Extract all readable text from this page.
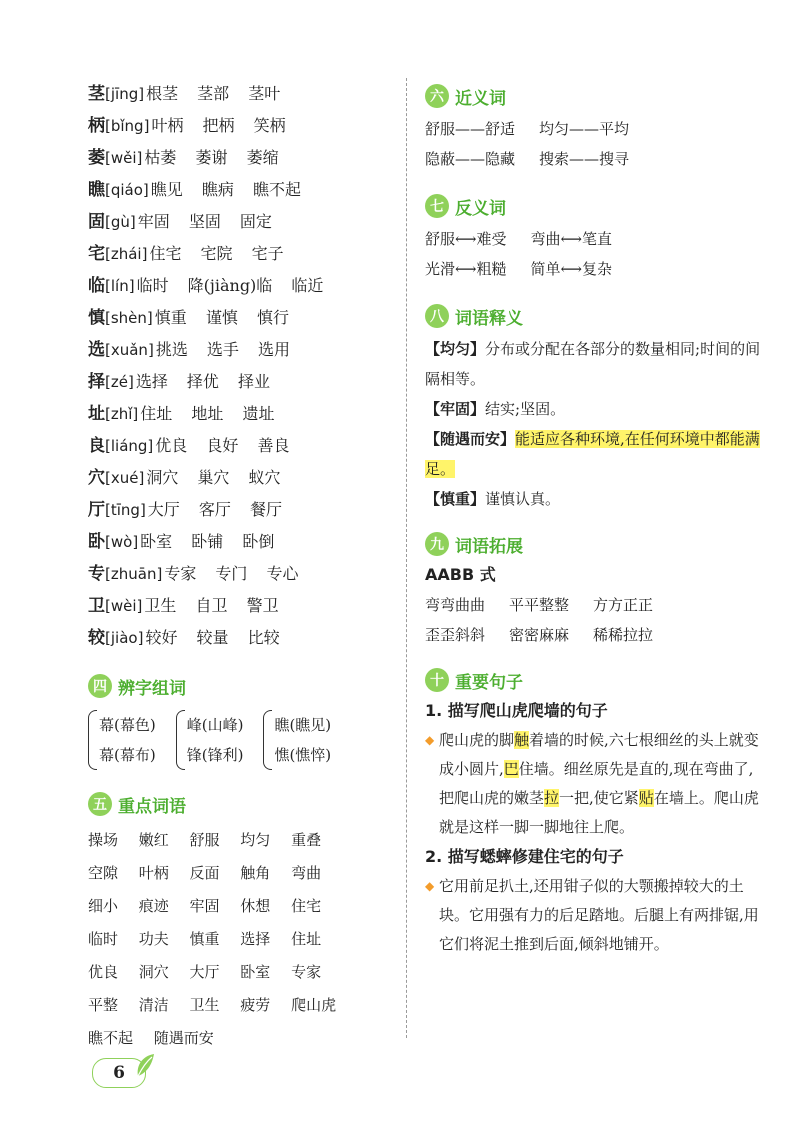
茎[jīng] 根茎 茎部 茎叶
柄[bǐng] 叶柄 把柄 笑柄
萎[wěi] 枯萎 萎谢 萎缩
瞧[qiáo] 瞧见 瞧病 瞧不起
固[gù] 牢固 坚固 固定
宅[zhái] 住宅 宅院 宅子
临[lín] 临时 降(jiàng)临 临近
慎[shèn] 慎重 谨慎 慎行
选[xuǎn] 挑选 选手 选用
择[zé] 选择 择优 择业
址[zhǐ] 住址 地址 遗址
良[liáng] 优良 良好 善良
穴[xué] 洞穴 巢穴 蚁穴
厅[tīng] 大厅 客厅 餐厅
卧[wò] 卧室 卧铺 卧倒
专[zhuān] 专家 专门 专心
卫[wèi] 卫生 自卫 警卫
较[jiào] 较好 较量 比较
四 辨字组词
幕(幕色)
幕(幕布)
峰(山峰)
锋(锋利)
瞧(瞧见)
憔(憔悴)
五 重点词语
操场 嫩红 舒服 均匀 重叠
空隙 叶柄 反面 触角 弯曲
细小 痕迹 牢固 休想 住宅
临时 功夫 慎重 选择 住址
优良 洞穴 大厅 卧室 专家
平整 清洁 卫生 疲劳 爬山虎
瞧不起 随遇而安
六 近义词
舒服——舒适 均匀——平均
隐蔽——隐藏 搜索——搜寻
七 反义词
舒服⟷难受 弯曲⟷笔直
光滑⟷粗糙 简单⟷复杂
八 词语释义
【均匀】分布或分配在各部分的数量相同;时间的间隔相等。
【牢固】结实;坚固。
【随遇而安】能适应各种环境,在任何环境中都能满足。
【慎重】谨慎认真。
九 词语拓展
AABB 式
弯弯曲曲 平平整整 方方正正
歪歪斜斜 密密麻麻 稀稀拉拉
十 重要句子
1. 描写爬山虎爬墙的句子
◆ 爬山虎的脚触着墙的时候,六七根细丝的头上就变成小圆片,巴住墙。细丝原先是直的,现在弯曲了,把爬山虎的嫩茎拉一把,使它紧贴在墙上。爬山虎就是这样一脚一脚地往上爬。
2. 描写蟋蟀修建住宅的句子
◆ 它用前足扒土,还用钳子似的大颚搬掉较大的土块。它用强有力的后足踏地。后腿上有两排锯,用它们将泥土推到后面,倾斜地铺开。
6
